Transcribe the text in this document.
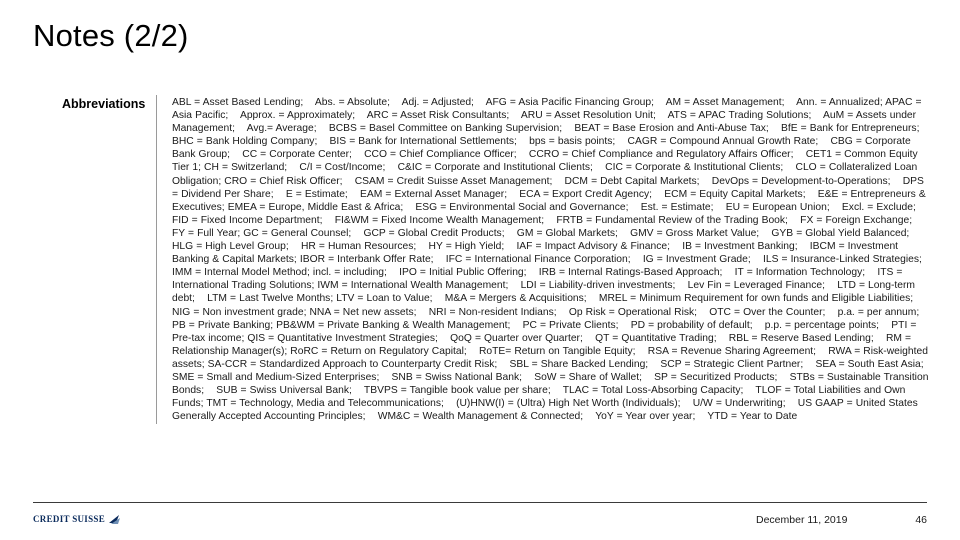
Notes (2/2)
Abbreviations	ABL = Asset Based Lending;    Abs. = Absolute;    Adj. = Adjusted;    AFG = Asia Pacific Financing Group;    AM = Asset Management;    Ann. = Annualized; APAC = Asia Pacific;    Approx. = Approximately;    ARC = Asset Risk Consultants;    ARU = Asset Resolution Unit;    ATS = APAC Trading Solutions;    AuM = Assets under Management;    Avg.= Average;    BCBS = Basel Committee on Banking Supervision;    BEAT = Base Erosion and Anti-Abuse Tax;    BfE = Bank for Entrepreneurs; BHC = Bank Holding Company;    BIS = Bank for International Settlements;    bps = basis points;    CAGR = Compound Annual Growth Rate;    CBG = Corporate Bank Group;    CC = Corporate Center;    CCO = Chief Compliance Officer;    CCRO = Chief Compliance and Regulatory Affairs Officer;    CET1 = Common Equity Tier 1; CH = Switzerland;    C/I = Cost/Income;    C&IC = Corporate and Institutional Clients;    CIC = Corporate & Institutional Clients;    CLO = Collateralized Loan Obligation; CRO = Chief Risk Officer;    CSAM = Credit Suisse Asset Management;    DCM = Debt Capital Markets;    DevOps = Development-to-Operations;    DPS = Dividend Per Share;    E = Estimate;    EAM = External Asset Manager;    ECA = Export Credit Agency;    ECM = Equity Capital Markets;    E&E = Entrepreneurs & Executives; EMEA = Europe, Middle East & Africa;    ESG = Environmental Social and Governance;    Est. = Estimate;    EU = European Union;    Excl. = Exclude;    FID = Fixed Income Department;    FI&WM = Fixed Income Wealth Management;    FRTB = Fundamental Review of the Trading Book;    FX = Foreign Exchange;    FY = Full Year; GC = General Counsel;    GCP = Global Credit Products;    GM = Global Markets;    GMV = Gross Market Value;    GYB = Global Yield Balanced;    HLG = High Level Group;    HR = Human Resources;    HY = High Yield;    IAF = Impact Advisory & Finance;    IB = Investment Banking;    IBCM = Investment Banking & Capital Markets; IBOR = Interbank Offer Rate;    IFC = International Finance Corporation;    IG = Investment Grade;    ILS = Insurance-Linked Strategies;    IMM = Internal Model Method; incl. = including;    IPO = Initial Public Offering;    IRB = Internal Ratings-Based Approach;    IT = Information Technology;    ITS = International Trading Solutions; IWM = International Wealth Management;    LDI = Liability-driven investments;    Lev Fin = Leveraged Finance;    LTD = Long-term debt;    LTM = Last Twelve Months; LTV = Loan to Value;    M&A = Mergers & Acquisitions;    MREL = Minimum Requirement for own funds and Eligible Liabilities;    NIG = Non investment grade; NNA = Net new assets;    NRI = Non-resident Indians;    Op Risk = Operational Risk;    OTC = Over the Counter;    p.a. = per annum;    PB = Private Banking; PB&WM = Private Banking & Wealth Management;    PC = Private Clients;    PD = probability of default;    p.p. = percentage points;    PTI = Pre-tax income; QIS = Quantitative Investment Strategies;    QoQ = Quarter over Quarter;    QT = Quantitative Trading;    RBL = Reserve Based Lending;    RM = Relationship Manager(s); RoRC = Return on Regulatory Capital;    RoTE= Return on Tangible Equity;    RSA = Revenue Sharing Agreement;    RWA = Risk-weighted assets; SA-CCR = Standardized Approach to Counterparty Credit Risk;    SBL = Share Backed Lending;    SCP = Strategic Client Partner;    SEA = South East Asia; SME = Small and Medium-Sized Enterprises;    SNB = Swiss National Bank;    SoW = Share of Wallet;    SP = Securitized Products;    STBs = Sustainable Transition Bonds;    SUB = Swiss Universal Bank;    TBVPS = Tangible book value per share;    TLAC = Total Loss-Absorbing Capacity;    TLOF = Total Liabilities and Own Funds; TMT = Technology, Media and Telecommunications;    (U)HNW(I) = (Ultra) High Net Worth (Individuals);    U/W = Underwriting;    US GAAP = United States Generally Accepted Accounting Principles;    WM&C = Wealth Management & Connected;    YoY = Year over year;    YTD = Year to Date
CREDIT SUISSE	December 11, 2019	46
